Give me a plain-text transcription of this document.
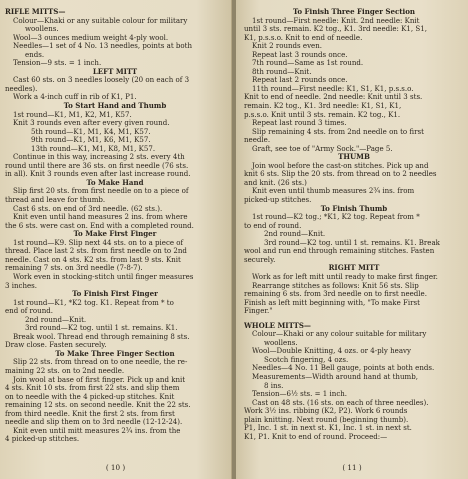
RIFLE MITTS—
Colour—Khaki or any suitable colour for military
woollens.
Wool—3 ounces medium weight 4-ply wool.
Needles—1 set of 4 No. 13 needles, points at both
ends.
Tension—9 sts. = 1 inch.
LEFT MITT
Cast 60 sts. on 3 needles loosely (20 on each of 3
needles).
Work a 4-inch cuff in rib of K1, P1.
To Start Hand and Thumb
1st round—K1, M1, K2, M1, K57.
Knit 3 rounds even after every given round.
5th round—K1, M1, K4, M1, K57.
9th round—K1, M1, K6, M1, K57.
13th round—K1, M1, K8, M1, K57.
Continue in this way, increasing 2 sts. every 4th
round until there are 36 sts. on first needle (76 sts.
in all). Knit 3 rounds even after last increase round.
To Make Hand
Slip first 20 sts. from first needle on to a piece of
thread and leave for thumb.
Cast 6 sts. on end of 3rd needle. (62 sts.).
Knit even until hand measures 2 ins. from where
the 6 sts. were cast on. End with a completed round.
To Make First Finger
1st round—K9. Slip next 44 sts. on to a piece of
thread. Place last 2 sts. from first needle on to 2nd
needle. Cast on 4 sts. K2 sts. from last 9 sts. Knit
remaining 7 sts. on 3rd needle (7-8-7).
Work even in stocking-stitch until finger measures
3 inches.
To Finish First Finger
1st round—K1, *K2 tog. K1. Repeat from * to
end of round.
2nd round—Knit.
3rd round—K2 tog. until 1 st. remains. K1.
Break wool. Thread end through remaining 8 sts.
Draw close. Fasten securely.
To Make Three Finger Section
Slip 22 sts. from thread on to one needle, the re-
maining 22 sts. on to 2nd needle.
Join wool at base of first finger. Pick up and knit
4 sts. Knit 10 sts. from first 22 sts. and slip them
on to needle with the 4 picked-up stitches. Knit
remaining 12 sts. on second needle. Knit the 22 sts.
from third needle. Knit the first 2 sts. from first
needle and slip them on to 3rd needle (12-12-24).
Knit even until mitt measures 2¾ ins. from the
4 picked-up stitches.
( 10 )
To Finish Three Finger Section
1st round—First needle: Knit. 2nd needle: Knit
until 3 sts. remain. K2 tog., K1. 3rd needle: K1, S1,
K1, p.s.s.o. Knit to end of needle.
Knit 2 rounds even.
Repeat last 3 rounds once.
7th round—Same as 1st round.
8th round—Knit.
Repeat last 2 rounds once.
11th round—First needle: K1, S1, K1, p.s.s.o.
Knit to end of needle. 2nd needle: Knit until 3 sts.
remain. K2 tog., K1. 3rd needle: K1, S1, K1,
p.s.s.o. Knit until 3 sts. remain. K2 tog., K1.
Repeat last round 3 times.
Slip remaining 4 sts. from 2nd needle on to first
needle.
Graft, see toe of "Army Sock."—Page 5.
THUMB
Join wool before the cast-on stitches. Pick up and
knit 6 sts. Slip the 20 sts. from thread on to 2 needles
and knit. (26 sts.)
Knit even until thumb measures 2¾ ins. from
picked-up stitches.
To Finish Thumb
1st round—K2 tog.; *K1, K2 tog. Repeat from *
to end of round.
2nd round—Knit.
3rd round—K2 tog. until 1 st. remains. K1. Break
wool and run end through remaining stitches. Fasten
securely.
RIGHT MITT
Work as for left mitt until ready to make first finger.
Rearrange stitches as follows: Knit 56 sts. Slip
remaining 6 sts. from 3rd needle on to first needle.
Finish as left mitt beginning with, "To make First
Finger."
WHOLE MITTS—
Colour—Khaki or any colour suitable for military
woollens.
Wool—Double Knitting, 4 ozs. or 4-ply heavy
Scotch fingering, 4 ozs.
Needles—4 No. 11 Bell gauge, points at both ends.
Measurements—Width around hand at thumb,
8 ins.
Tension—6½ sts. = 1 inch.
Cast on 48 sts. (16 sts. on each of three needles).
Work 3½ ins. ribbing (K2, P2). Work 6 rounds
plain knitting. Next round (beginning thumb).
P1, Inc. 1 st. in next st. K1, Inc. 1 st. in next st.
K1, P1. Knit to end of round. Proceed:—
( 11 )
